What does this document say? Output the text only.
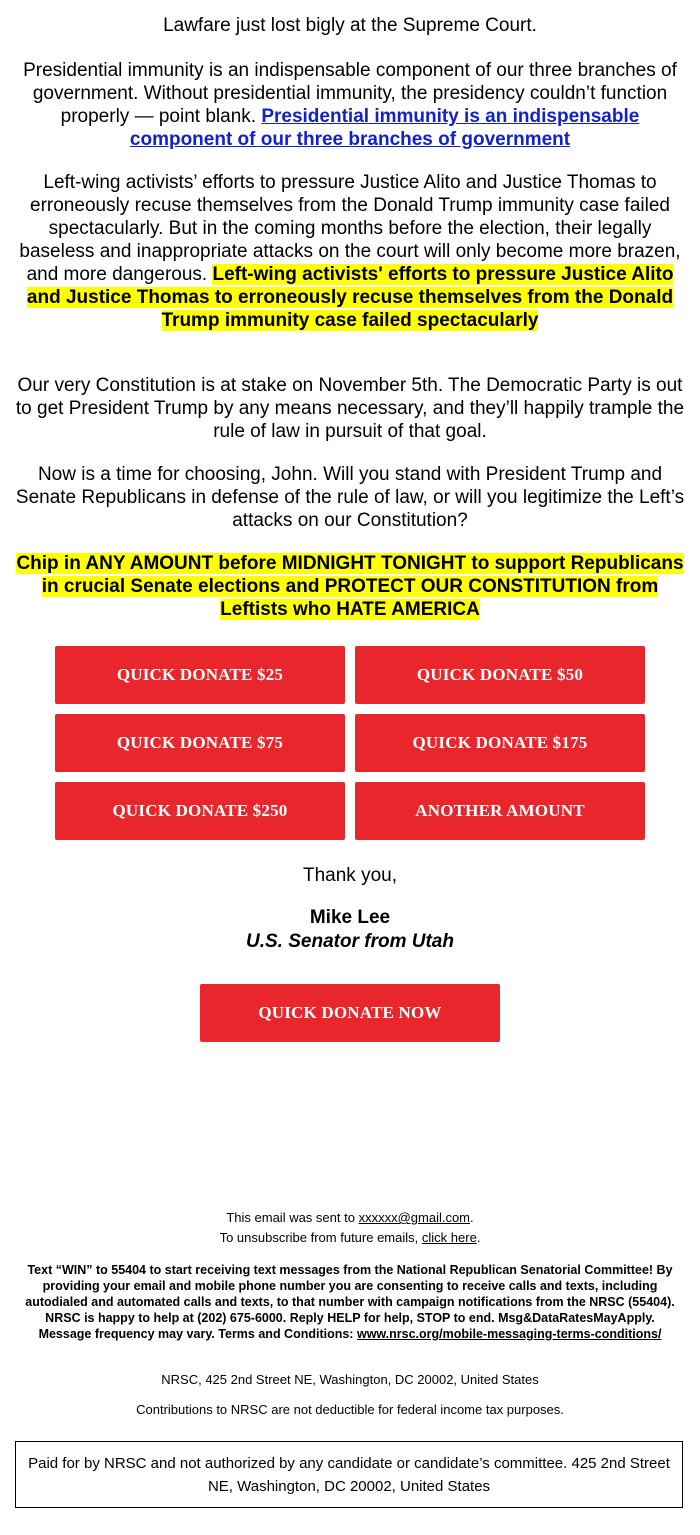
Lawfare just lost bigly at the Supreme Court.

Presidential immunity is an indispensable component of our three branches of government. Without presidential immunity, the presidency couldn’t function properly — point blank. Presidential immunity is an indispensable component of our three branches of government

Left-wing activists’ efforts to pressure Justice Alito and Justice Thomas to erroneously recuse themselves from the Donald Trump immunity case failed spectacularly. But in the coming months before the election, their legally baseless and inappropriate attacks on the court will only become more brazen, and more dangerous. Left-wing activists' efforts to pressure Justice Alito and Justice Thomas to erroneously recuse themselves from the Donald Trump immunity case failed spectacularly

Our very Constitution is at stake on November 5th. The Democratic Party is out to get President Trump by any means necessary, and they’ll happily trample the rule of law in pursuit of that goal.

Now is a time for choosing, John. Will you stand with President Trump and Senate Republicans in defense of the rule of law, or will you legitimize the Left’s attacks on our Constitution?

Chip in ANY AMOUNT before MIDNIGHT TONIGHT to support Republicans in crucial Senate elections and PROTECT OUR CONSTITUTION from Leftists who HATE AMERICA

QUICK DONATE $25	QUICK DONATE $50
QUICK DONATE $75	QUICK DONATE $175
QUICK DONATE $250	ANOTHER AMOUNT

Thank you,

Mike Lee

U.S. Senator from Utah

QUICK DONATE NOW

This email was sent to xxxxxx@gmail.com.

To unsubscribe from future emails, click here.

Text “WIN” to 55404 to start receiving text messages from the National Republican Senatorial Committee! By providing your email and mobile phone number you are consenting to receive calls and texts, including autodialed and automated calls and texts, to that number with campaign notifications from the NRSC (55404). NRSC is happy to help at (202) 675-6000. Reply HELP for help, STOP to end. Msg&DataRatesMayApply. Message frequency may vary. Terms and Conditions: www.nrsc.org/mobile-messaging-terms-conditions/

NRSC, 425 2nd Street NE, Washington, DC 20002, United States

Contributions to NRSC are not deductible for federal income tax purposes.

Paid for by NRSC and not authorized by any candidate or candidate’s committee. 425 2nd Street NE, Washington, DC 20002, United States
